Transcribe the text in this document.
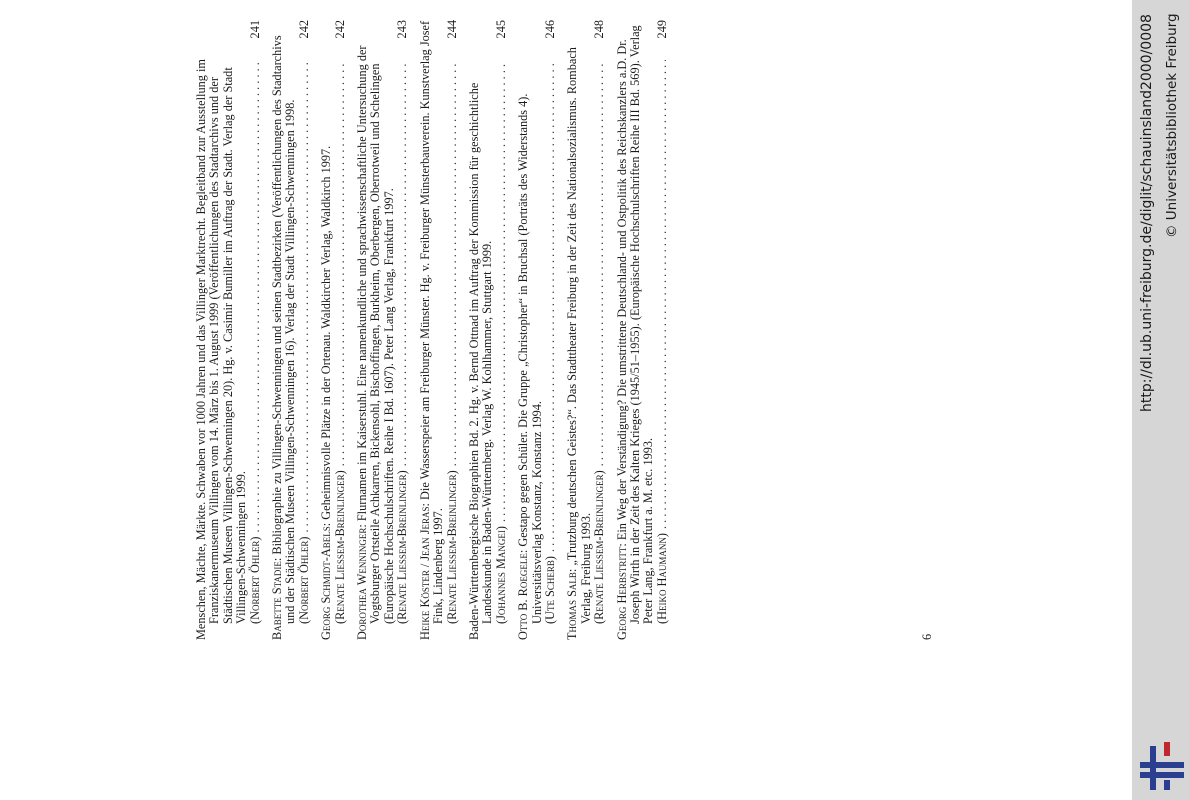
Menschen, Mächte, Märkte. Schwaben vor 1000 Jahren und das Villinger Marktrecht. Begleitband zur Ausstellung im Franziskanermuseum Villingen vom 14. März bis 1. August 1999 (Veröffentlichungen des Stadtarchivs und der Städtischen Museen Villingen-Schwenningen 20). Hg. v. Casimir Bumiller im Auftrag der Stadt. Verlag der Stadt Villingen-Schwenningen 1999. (Norbert Öhler)
. . .
241
Babette Stadie: Bibliographie zu Villingen-Schwenningen und seinen Stadtbezirken (Veröffentlichungen des Stadtarchivs und der Städtischen Museen Villingen-Schwenningen 16). Verlag der Stadt Villingen-Schwenningen 1998. (Norbert Öhler)
. . .
242
Georg Schmidt-Abels: Geheimnisvolle Plätze in der Ortenau. Waldkircher Verlag, Waldkirch 1997.
(Renate Liessem-Breinlinger)
. . .
242
Dorothea Wenninger: Flurnamen im Kaiserstuhl. Eine namenkundliche und sprachwissenschaftliche Untersuchung der Vogtsburger Ortsteile Achkarren, Bickensohl, Bischoffingen, Burkheim, Oberbergen, Oberrotweil und Schelingen (Europäische Hochschulschriften. Reihe I Bd. 1607). Peter Lang Verlag, Frankfurt 1997. (Renate Liessem-Breinlinger)
. . .
243
Heike Köster / Jean Jeras: Die Wasserspeier am Freiburger Münster. Hg. v. Freiburger Münsterbauverein. Kunstverlag Josef Fink, Lindenberg 1997. (Renate Liessem-Breinlinger)
. . .
244
Baden-Württembergische Biographien Bd. 2. Hg. v. Bernd Ottnad im Auftrag der Kommission für geschichtliche Landeskunde in Baden-Württemberg. Verlag W. Kohlhammer, Stuttgart 1999. (Johannes Mangei)
. . .
245
Otto B. Roegele: Gestapo gegen Schüler. Die Gruppe „Christopher“ in Bruchsal (Porträts des Widerstands 4). Universitätsverlag Konstanz, Konstanz 1994. (Ute Scherb)
. . .
246
Thomas Salb: „Trutzburg deutschen Geistes?“. Das Stadttheater Freiburg in der Zeit des Nationalsozialismus. Rombach Verlag, Freiburg 1993. (Renate Liessem-Breinlinger)
. . .
248
Georg Herbstritt: Ein Weg der Verständigung? Die umstrittene Deutschland- und Ostpolitik des Reichskanzlers a.D. Dr. Joseph Wirth in der Zeit des Kalten Krieges (1945/51–1955). (Europäische Hochschulschriften Reihe III Bd. 569). Verlag Peter Lang, Frankfurt a. M. etc. 1993. (Heiko Haumann)
. . .
249
6
http://dl.ub.uni-freiburg.de/diglit/schauinsland2000/0008 © Universitätsbibliothek Freiburg
